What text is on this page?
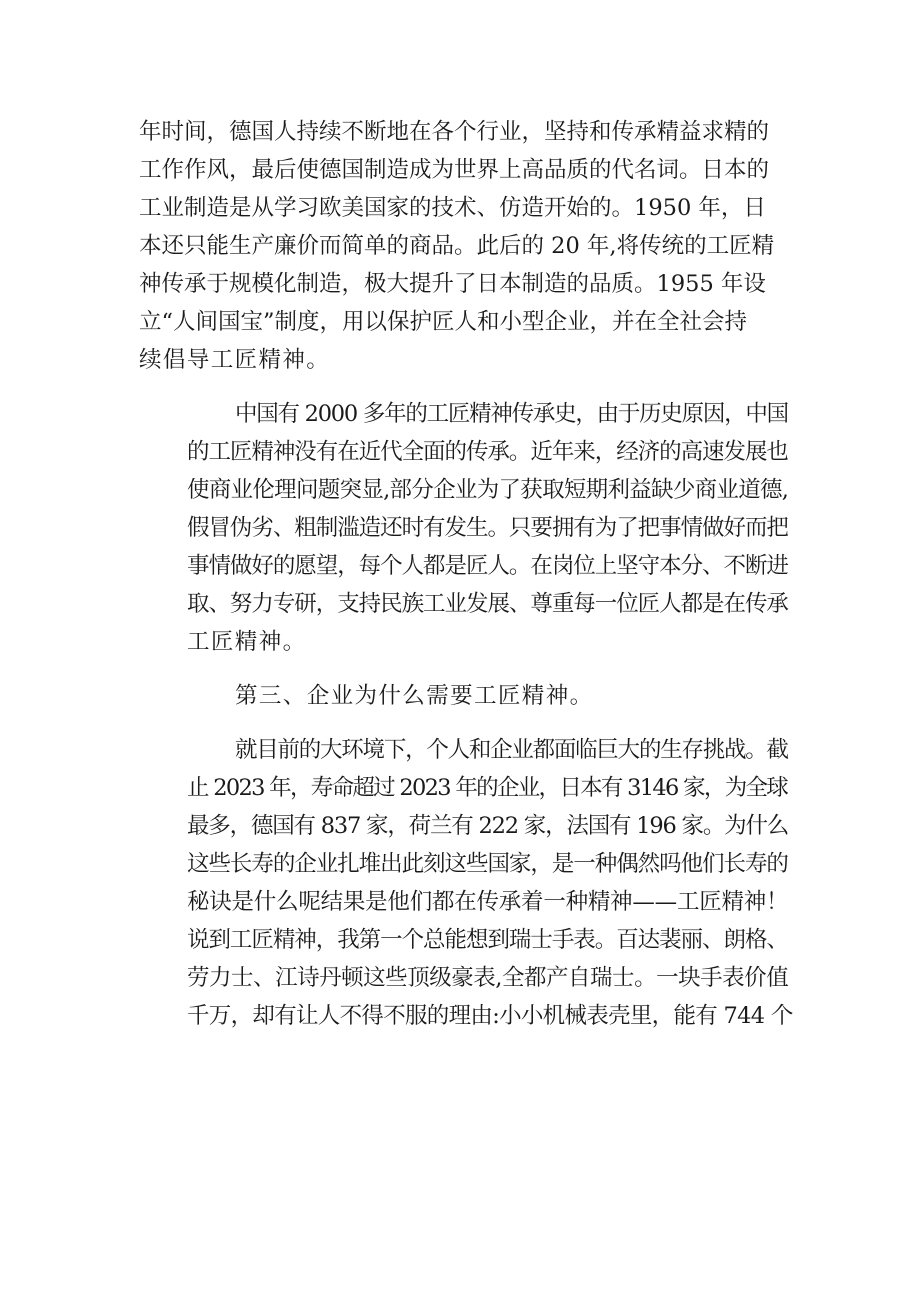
年时间，德国人持续不断地在各个行业，坚持和传承精益求精的
工作作风，最后使德国制造成为世界上高品质的代名词。日本的
工业制造是从学习欧美国家的技术、仿造开始的。1950 年，日
本还只能生产廉价而简单的商品。此后的 20 年,将传统的工匠精
神传承于规模化制造，极大提升了日本制造的品质。1955 年设
立“人间国宝”制度，用以保护匠人和小型企业，并在全社会持
续倡导工匠精神。
中国有 2000 多年的工匠精神传承史，由于历史原因，中国
的工匠精神没有在近代全面的传承。近年来，经济的高速发展也
使商业伦理问题突显,部分企业为了获取短期利益缺少商业道德,
假冒伪劣、粗制滥造还时有发生。只要拥有为了把事情做好而把
事情做好的愿望，每个人都是匠人。在岗位上坚守本分、不断进
取、努力专研，支持民族工业发展、尊重每一位匠人都是在传承
工匠精神。
第三、企业为什么需要工匠精神。
就目前的大环境下，个人和企业都面临巨大的生存挑战。截
止 2023 年，寿命超过 2023 年的企业，日本有 3146 家，为全球
最多，德国有 837 家，荷兰有 222 家，法国有 196 家。为什么
这些长寿的企业扎堆出此刻这些国家，是一种偶然吗他们长寿的
秘诀是什么呢结果是他们都在传承着一种精神——工匠精神！
说到工匠精神，我第一个总能想到瑞士手表。百达裴丽、朗格、
劳力士、江诗丹顿这些顶级豪表,全都产自瑞士。一块手表价值
千万，却有让人不得不服的理由:小小机械表壳里，能有 744 个
